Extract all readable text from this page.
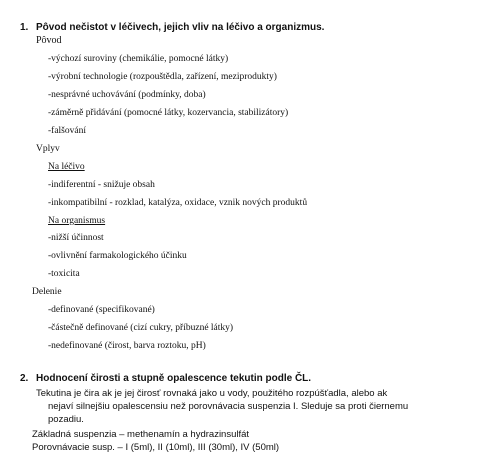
1. Pôvod nečistot v léčivech, jejich vliv na léčivo a organizmus.
Pôvod
-výchozí suroviny (chemikálie, pomocné látky)
-výrobní technologie (rozpouštědla, zařízení, meziprodukty)
-nesprávné uchovávání (podmínky, doba)
-záměrně přidávání (pomocné látky, kozervancia, stabilizátory)
-falšování
Vplyv
Na léčivo
-indiferentní - snižuje obsah
-inkompatibilní - rozklad, katalýza, oxidace, vznik nových produktů
Na organismus
-nižší účinnost
-ovlivnění farmakologického účinku
-toxicita
Delenie
-definované (specifikované)
-částečně definované (cizí cukry, příbuzné látky)
-nedefinované (čirost, barva roztoku, pH)
2. Hodnocení čirosti a stupně opalescence tekutin podle ČL.
Tekutina je čira ak je jej čirosť rovnaká jako u vody, použitého rozpúšťadla, alebo ak
nejaví silnejšiu opalescensiu než porovnávacia suspenzia I. Sleduje sa proti čiernemu
pozadiu.
Základná suspenzia – methenamín a hydrazinsulfát
Porovnávacie susp. – I (5ml), II (10ml), III (30ml), IV (50ml)
